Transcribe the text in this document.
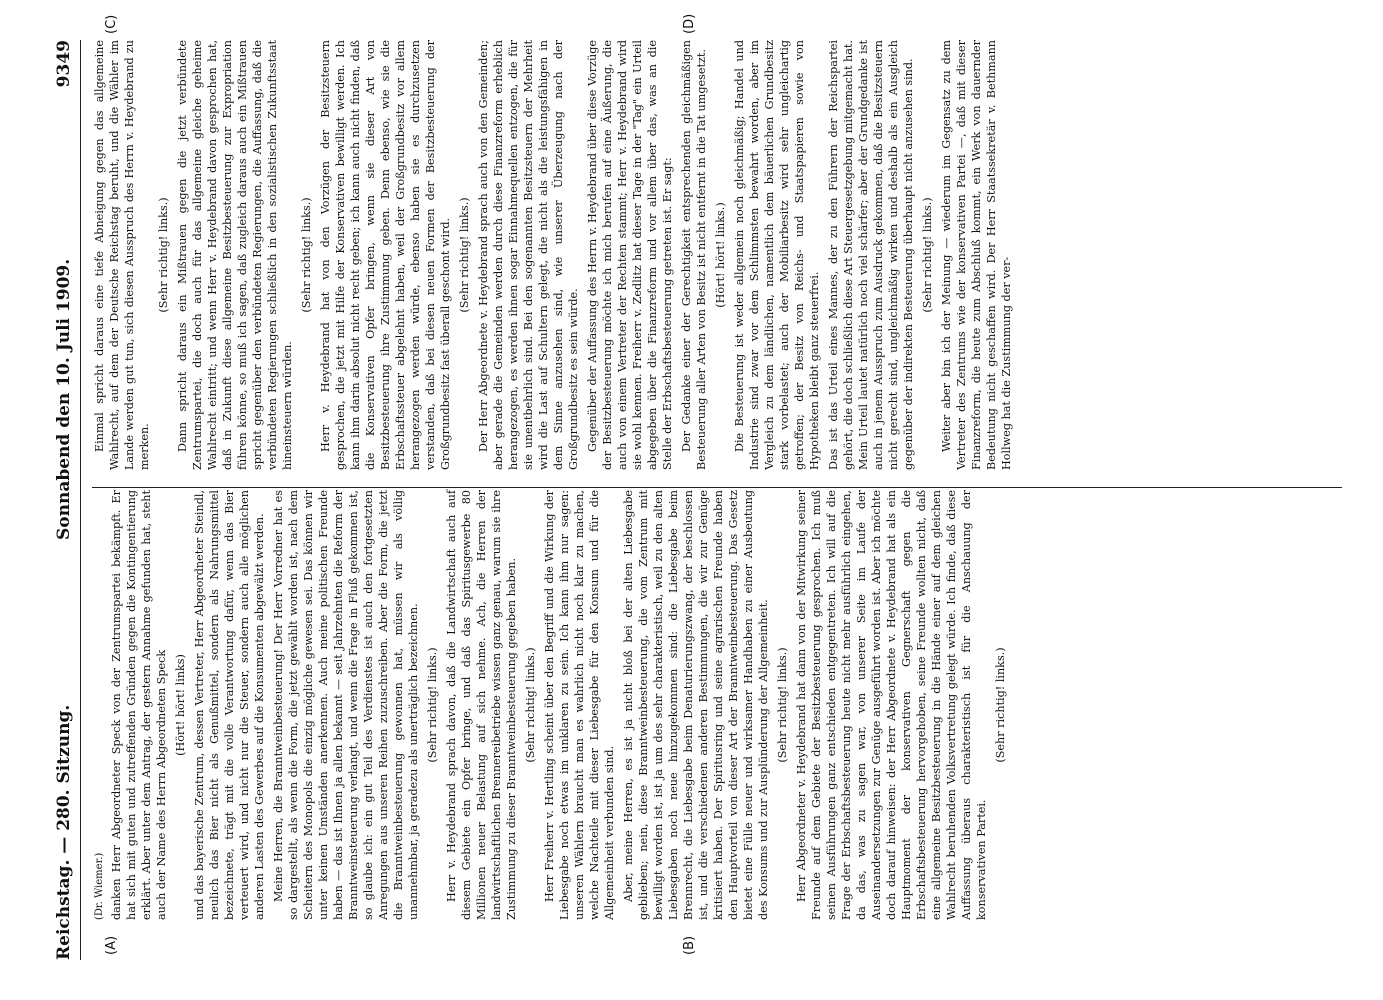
Reichstag. — 280. Sitzung.
Sonnabend den 10. Juli 1909.
9349
(A)	(B)
(C)	(D)

(Dr. Wiemer.) danken Herr Abgeordneter Speck von der Zentrumspartei bekämpft. Er hat sich mit guten und zutreffenden Gründen gegen die Kontingentierung erklärt. Aber unter dem Antrag, der gestern Annahme gefunden hat, steht auch der Name des Herrn Abgeordneten Speck (Hört! hört! links) und das bayerische Zentrum, dessen Vertreter, Herr Abgeordneter Steindl, neulich das Bier nicht als Genußmittel, sondern als Nahrungsmittel bezeichnete, trägt mit die volle Verantwortung dafür, wenn das Bier verteuert wird, und nicht nur die Steuer, sondern auch alle möglichen anderen Lasten des Gewerbes auf die Konsumenten abgewälzt werden. Meine Herren, die Branntweinbesteuerung! Der Herr Vorredner hat es so dargestellt, als wenn die Form, die jetzt gewählt worden ist, nach dem Scheitern des Monopols die einzig mögliche gewesen sei. Das können wir unter keinen Umständen anerkennen. Auch meine politischen Freunde haben — das ist Ihnen ja allen bekannt — seit Jahrzehnten die Reform der Branntweinsteuerung verlangt, und wenn die Frage in Fluß gekommen ist, so glaube ich: ein gut Teil des Verdienstes ist auch den fortgesetzten Anregungen aus unseren Reihen zuzuschreiben. Aber die Form, die jetzt die Branntweinbesteuerung gewonnen hat, müssen wir als völlig unannehmbar, ja geradezu als unerträglich bezeichnen. (Sehr richtig! links.) Herr v. Heydebrand sprach davon, daß die Landwirtschaft auch auf diesem Gebiete ein Opfer bringe, und daß das Spiritusgewerbe 80 Millionen neuer Belastung auf sich nehme. Ach, die Herren der landwirtschaftlichen Brennereibetriebe wissen ganz genau, warum sie ihre Zustimmung zu dieser Branntweinbesteuerung gegeben haben. (Sehr richtig! links.) Herr Freiherr v. Hertling scheint über den Begriff und die Wirkung der Liebesgabe noch etwas im unklaren zu sein. Ich kann ihm nur sagen: unseren Wählern braucht man es wahrlich nicht noch klar zu machen, welche Nachteile mit dieser Liebesgabe für den Konsum und für die Allgemeinheit verbunden sind. Aber, meine Herren, es ist ja nicht bloß bei der alten Liebesgabe geblieben; nein, diese Branntweinbesteuerung, die vom Zentrum mit bewilligt worden ist, ist ja um des sehr charakteristisch, weil zu den alten Liebesgaben noch neue hinzugekommen sind: die Liebesgabe beim Brennrecht, die Liebesgabe beim Denaturierungszwang, der beschlossen ist, und die verschiedenen anderen Bestimmungen, die wir zur Genüge kritisiert haben. Der Spiritusring und seine agrarischen Freunde haben den Hauptvorteil von dieser Art der Branntweinbesteuerung. Das Gesetz bietet eine Fülle neuer und wirksamer Handhaben zu einer Ausbeutung des Konsums und zur Ausplünderung der Allgemeinheit. (Sehr richtig! links.) Herr Abgeordneter v. Heydebrand hat dann von der Mitwirkung seiner Freunde auf dem Gebiete der Besitzbesteuerung gesprochen. Ich muß seinen Ausführungen ganz entschieden entgegentreten. Ich will auf die Frage der Erbschaftsbesteuerung heute nicht mehr ausführlich eingehen, da das, was zu sagen war, von unserer Seite im Laufe der Auseinandersetzungen zur Genüge ausgeführt worden ist. Aber ich möchte doch darauf hinweisen: der Herr Abgeordnete v. Heydebrand hat als ein Hauptmoment der konservativen Gegnerschaft gegen die Erbschaftsbesteuerung hervorgehoben, seine Freunde wollten nicht, daß eine allgemeine Besitzbesteuerung in die Hände einer auf dem gleichen Wahlrecht beruhenden Volksvertretung gelegt würde. Ich finde, daß diese Auffassung überaus charakteristisch ist für die Anschauung der konservativen Partei.

(Sehr richtig! links.)

Einmal spricht daraus eine tiefe Abneigung gegen das allgemeine Wahlrecht, auf dem der Deutsche Reichstag beruht, und die Wähler im Lande werden gut tun, sich diesen Ausspruch des Herrn v. Heydebrand zu merken.

(Sehr richtig! links.) Dann spricht daraus ein Mißtrauen gegen die jetzt verbündete Zentrumspartei, die doch auch für das allgemeine gleiche geheime Wahlrecht eintritt; und wenn Herr v. Heydebrand davon gesprochen hat, daß in Zukunft diese allgemeine Besitzbesteuerung zur Expropriation führen könne, so muß ich sagen, daß zugleich daraus auch ein Mißtrauen spricht gegenüber den verbündeten Regierungen, die Auffassung, daß die verbündeten Regierungen schließlich in den sozialistischen Zukunftsstaat hineinsteuern würden.

(Sehr richtig! links.) Herr v. Heydebrand hat von den Vorzügen der Besitzsteuern gesprochen, die jetzt mit Hilfe der Konservativen bewilligt werden. Ich kann ihm darin absolut nicht recht geben; ich kann auch nicht finden, daß die Konservativen Opfer bringen, wenn sie dieser Art von Besitzbesteuerung ihre Zustimmung geben. Denn ebenso, wie sie die Erbschaftssteuer abgelehnt haben, weil der Großgrundbesitz vor allem herangezogen werden würde, ebenso haben sie es durchzusetzen verstanden, daß bei diesen neuen Formen der Besitzbesteuerung der Großgrundbesitz fast überall geschont wird. (Sehr richtig! links.) Der Herr Abgeordnete v. Heydebrand sprach auch von den Gemeinden; aber gerade die Gemeinden werden durch diese Finanzreform erheblich herangezogen, es werden ihnen sogar Einnahmequellen entzogen, die für sie unentbehrlich sind. Bei den sogenannten Besitzsteuern der Mehrheit wird die Last auf Schultern gelegt, die nicht als die leistungsfähigen in dem Sinne anzusehen sind, wie unserer Überzeugung nach der Großgrundbesitz es sein würde. Gegenüber der Auffassung des Herrn v. Heydebrand über diese Vorzüge der Besitzbesteuerung möchte ich mich berufen auf eine Äußerung, die auch von einem Vertreter der Rechten stammt; Herr v. Heydebrand wird sie wohl kennen. Freiherr v. Zedlitz hat dieser Tage in der "Tag" ein Urteil abgegeben über die Finanzreform und vor allem über das, was an die Stelle der Erbschaftsbesteuerung getreten ist. Er sagt: Der Gedanke einer der Gerechtigkeit entsprechenden gleichmäßigen Besteuerung aller Arten von Besitz ist nicht entfernt in die Tat umgesetzt. (Hört! hört! links.) Die Besteuerung ist weder allgemein noch gleichmäßig; Handel und Industrie sind zwar vor dem Schlimmsten bewahrt worden, aber im Vergleich zu dem ländlichen, namentlich dem bäuerlichen Grundbesitz stark vorbelastet; auch der Mobiliarbesitz wird sehr ungleichartig getroffen; der Besitz von Reichs- und Staatspapieren sowie von Hypotheken bleibt ganz steuerfrei. Das ist das Urteil eines Mannes, der zu den Führern der Reichspartei gehört, die doch schließlich diese Art Steuergesetzgebung mitgemacht hat. Mein Urteil lautet natürlich noch viel schärfer; aber der Grundgedanke ist auch in jenem Ausspruch zum Ausdruck gekommen, daß die Besitzsteuern nicht gerecht sind, ungleichmäßig wirken und deshalb als ein Ausgleich gegenüber der indirekten Besteuerung überhaupt nicht anzusehen sind. (Sehr richtig! links.) Weiter aber bin ich der Meinung — wiederum im Gegensatz zu dem Vertreter des Zentrums wie der konservativen Partei —, daß mit dieser Finanzreform, die heute zum Abschluß kommt, ein Werk von dauernder Bedeutung nicht geschaffen wird. Der Herr Staatssekretär v. Bethmann Hollweg hat die Zustimmung der ver-
